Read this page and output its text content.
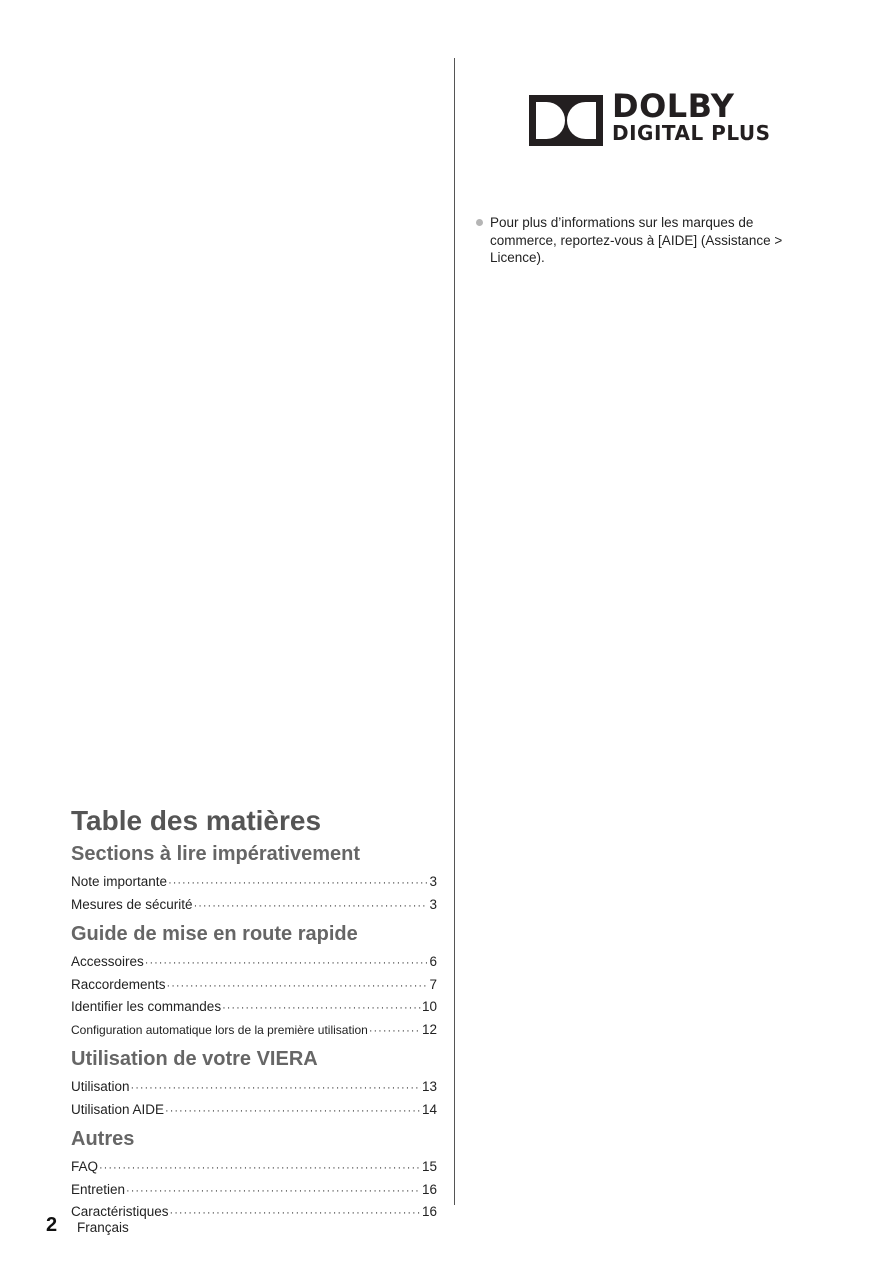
DOLBY
DIGITAL PLUS
Pour plus d’informations sur les marques de commerce, reportez-vous à [AIDE] (Assistance > Licence).
Table des matières
Sections à lire impérativement
Note importante ·····	3
Mesures de sécurité ·····	3
Guide de mise en route rapide
Accessoires ·····	6
Raccordements ·····	7
Identifier les commandes ·····	10
Configuration automatique lors de la première utilisation ·····	12
Utilisation de votre VIERA
Utilisation ·····	13
Utilisation AIDE ·····	14
Autres
FAQ ·····	15
Entretien ·····	16
Caractéristiques ·····	16
2 Français
